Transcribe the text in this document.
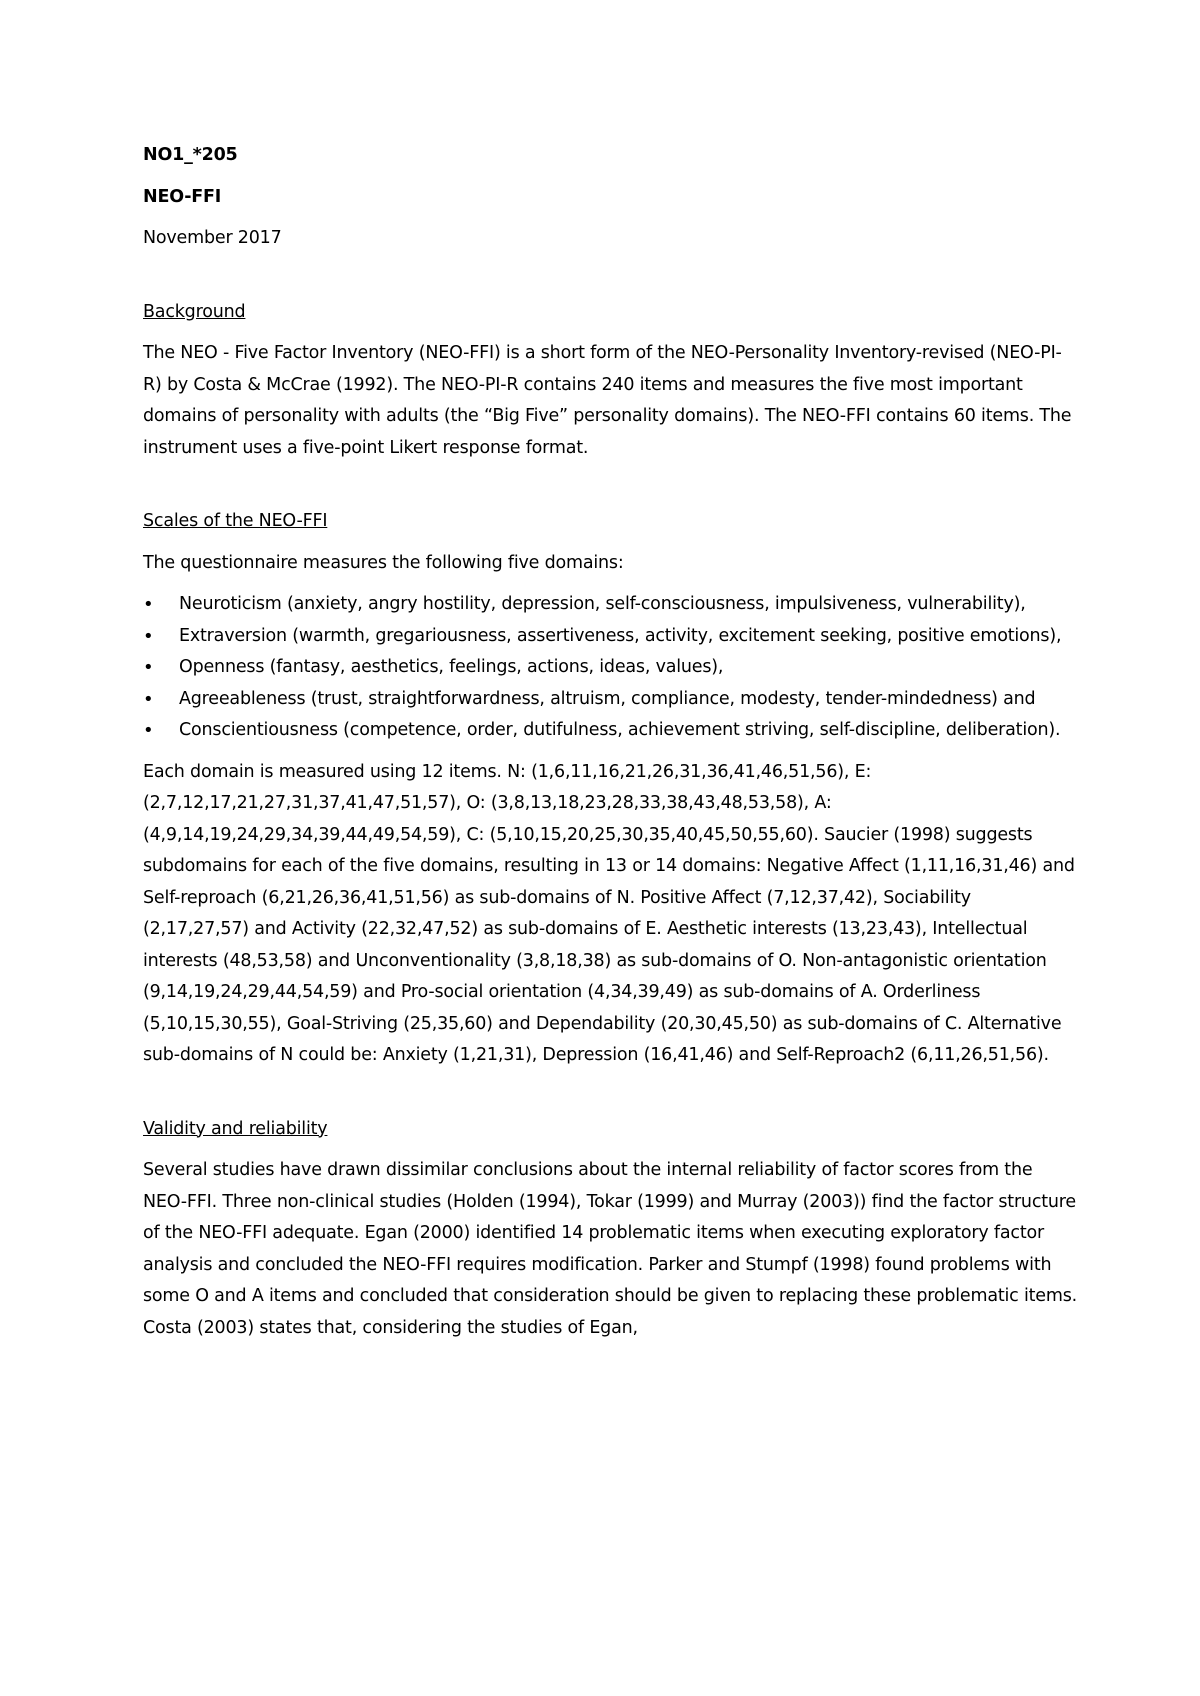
NO1_*205

NEO-FFI

November 2017

Background

The NEO - Five Factor Inventory (NEO-FFI) is a short form of the NEO-Personality Inventory-revised (NEO-PI-R) by Costa & McCrae (1992). The NEO-PI-R contains 240 items and measures the five most important domains of personality with adults (the “Big Five” personality domains). The NEO-FFI contains 60 items. The instrument uses a five-point Likert response format.

Scales of the NEO-FFI

The questionnaire measures the following five domains:

• Neuroticism (anxiety, angry hostility, depression, self-consciousness, impulsiveness, vulnerability),
• Extraversion (warmth, gregariousness, assertiveness, activity, excitement seeking, positive emotions),
• Openness (fantasy, aesthetics, feelings, actions, ideas, values),
• Agreeableness (trust, straightforwardness, altruism, compliance, modesty, tender-mindedness) and
• Conscientiousness (competence, order, dutifulness, achievement striving, self-discipline, deliberation).

Each domain is measured using 12 items. N: (1,6,11,16,21,26,31,36,41,46,51,56), E: (2,7,12,17,21,27,31,37,41,47,51,57), O: (3,8,13,18,23,28,33,38,43,48,53,58), A: (4,9,14,19,24,29,34,39,44,49,54,59), C: (5,10,15,20,25,30,35,40,45,50,55,60). Saucier (1998) suggests subdomains for each of the five domains, resulting in 13 or 14 domains: Negative Affect (1,11,16,31,46) and Self-reproach (6,21,26,36,41,51,56) as sub-domains of N. Positive Affect (7,12,37,42), Sociability (2,17,27,57) and Activity (22,32,47,52) as sub-domains of E. Aesthetic interests (13,23,43), Intellectual interests (48,53,58) and Unconventionality (3,8,18,38) as sub-domains of O. Non-antagonistic orientation (9,14,19,24,29,44,54,59) and Pro-social orientation (4,34,39,49) as sub-domains of A. Orderliness (5,10,15,30,55), Goal-Striving (25,35,60) and Dependability (20,30,45,50) as sub-domains of C. Alternative sub-domains of N could be: Anxiety (1,21,31), Depression (16,41,46) and Self-Reproach2 (6,11,26,51,56).

Validity and reliability

Several studies have drawn dissimilar conclusions about the internal reliability of factor scores from the NEO-FFI. Three non-clinical studies (Holden (1994), Tokar (1999) and Murray (2003)) find the factor structure of the NEO-FFI adequate. Egan (2000) identified 14 problematic items when executing exploratory factor analysis and concluded the NEO-FFI requires modification. Parker and Stumpf (1998) found problems with some O and A items and concluded that consideration should be given to replacing these problematic items. Costa (2003) states that, considering the studies of Egan,
